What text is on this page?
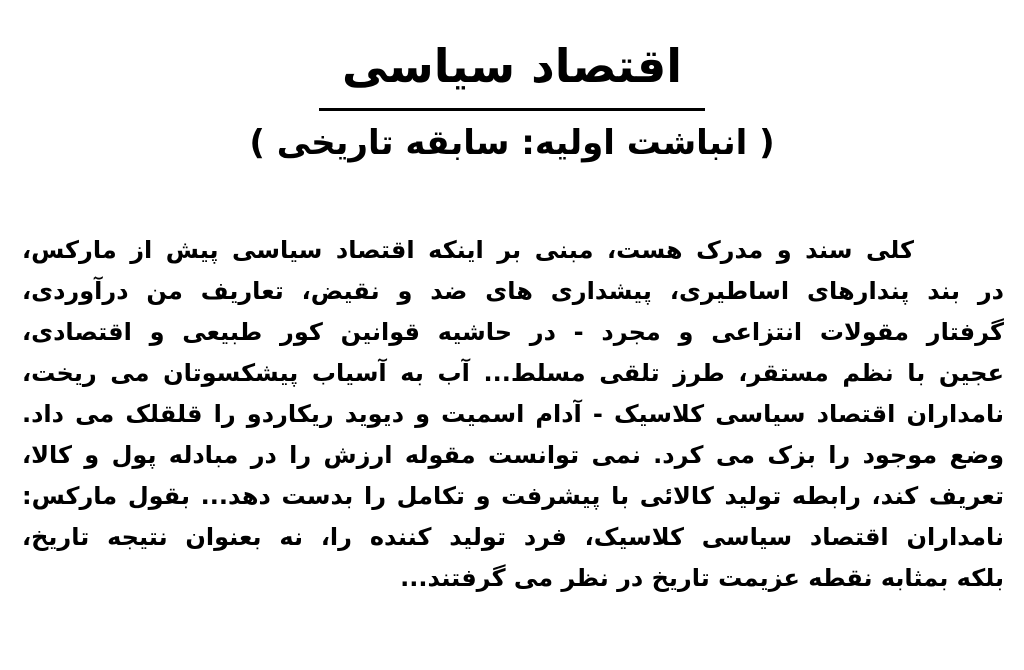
اقتصاد سیاسی
( انباشت اولیه: سابقه تاریخی )
کلی سند و مدرک هست، مبنی بر اینکه اقتصاد سیاسی پیش از مارکس،
در بند پندارهای اساطیری، پیشداری های ضد و نقیض، تعاریف من درآوردی،
گرفتار مقولات انتزاعی و مجرد - در حاشیه قوانین کور طبیعی و اقتصادی،
عجین با نظم مستقر، طرز تلقی مسلط... آب به آسیاب پیشکسوتان می ریخت،
نامداران اقتصاد سیاسی کلاسیک - آدام اسمیت و دیوید ریکاردو را قلقلک می داد.
وضع موجود را بزک می کرد. نمی توانست مقوله ارزش را در مبادله پول و کالا،
تعریف کند، رابطه تولید کالائی با پیشرفت و تکامل را بدست دهد... بقول مارکس:
نامداران اقتصاد سیاسی کلاسیک، فرد تولید کننده را، نه بعنوان نتیجه تاریخ،
بلکه بمثابه نقطه عزیمت تاریخ در نظر می گرفتند...
